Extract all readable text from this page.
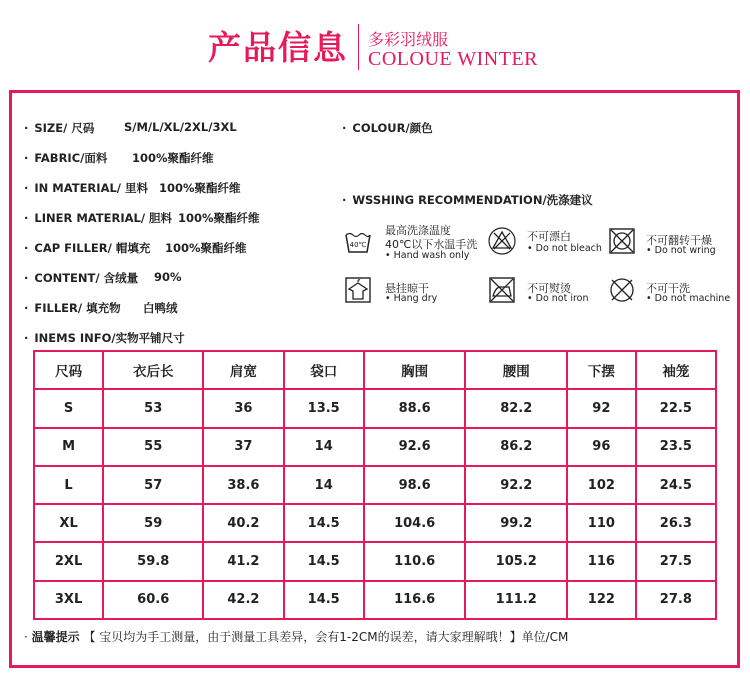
产品信息 多彩羽绒服
COLOUE WINTER
· SIZE/ 尺码	S/M/L/XL/2XL/3XL
· FABRIC/面料 100%聚酯纤维
· IN MATERIAL/ 里料 100%聚酯纤维
· LINER MATERIAL/ 胆料 100%聚酯纤维
· CAP FILLER/ 帽填充 100%聚酯纤维
· CONTENT/ 含绒量 90%
· FILLER/ 填充物 白鸭绒
· INEMS INFO/实物平铺尺寸
· COLOUR/颜色
· WSSHING RECOMMENDATION/洗涤建议
40℃
最高洗涤温度
40℃以下水温手洗
• Hand wash only
不可漂白
• Do not bleach
不可翻转干燥
• Do not wring
悬挂晾干
• Hang dry
不可熨烫
• Do not iron
不可干洗
• Do not machine
尺码	衣后长	肩宽	袋口	胸围	腰围	下摆	袖笼
S	53	36	13.5	88.6	82.2	92	22.5
M	55	37	14	92.6	86.2	96	23.5
L	57	38.6	14	98.6	92.2	102	24.5
XL	59	40.2	14.5	104.6	99.2	110	26.3
2XL	59.8	41.2	14.5	110.6	105.2	116	27.5
3XL	60.6	42.2	14.5	116.6	111.2	122	27.8
· 温馨提示 【 宝贝均为手工测量，由于测量工具差异，会有1-2CM的误差，请大家理解哦！】单位/CM
